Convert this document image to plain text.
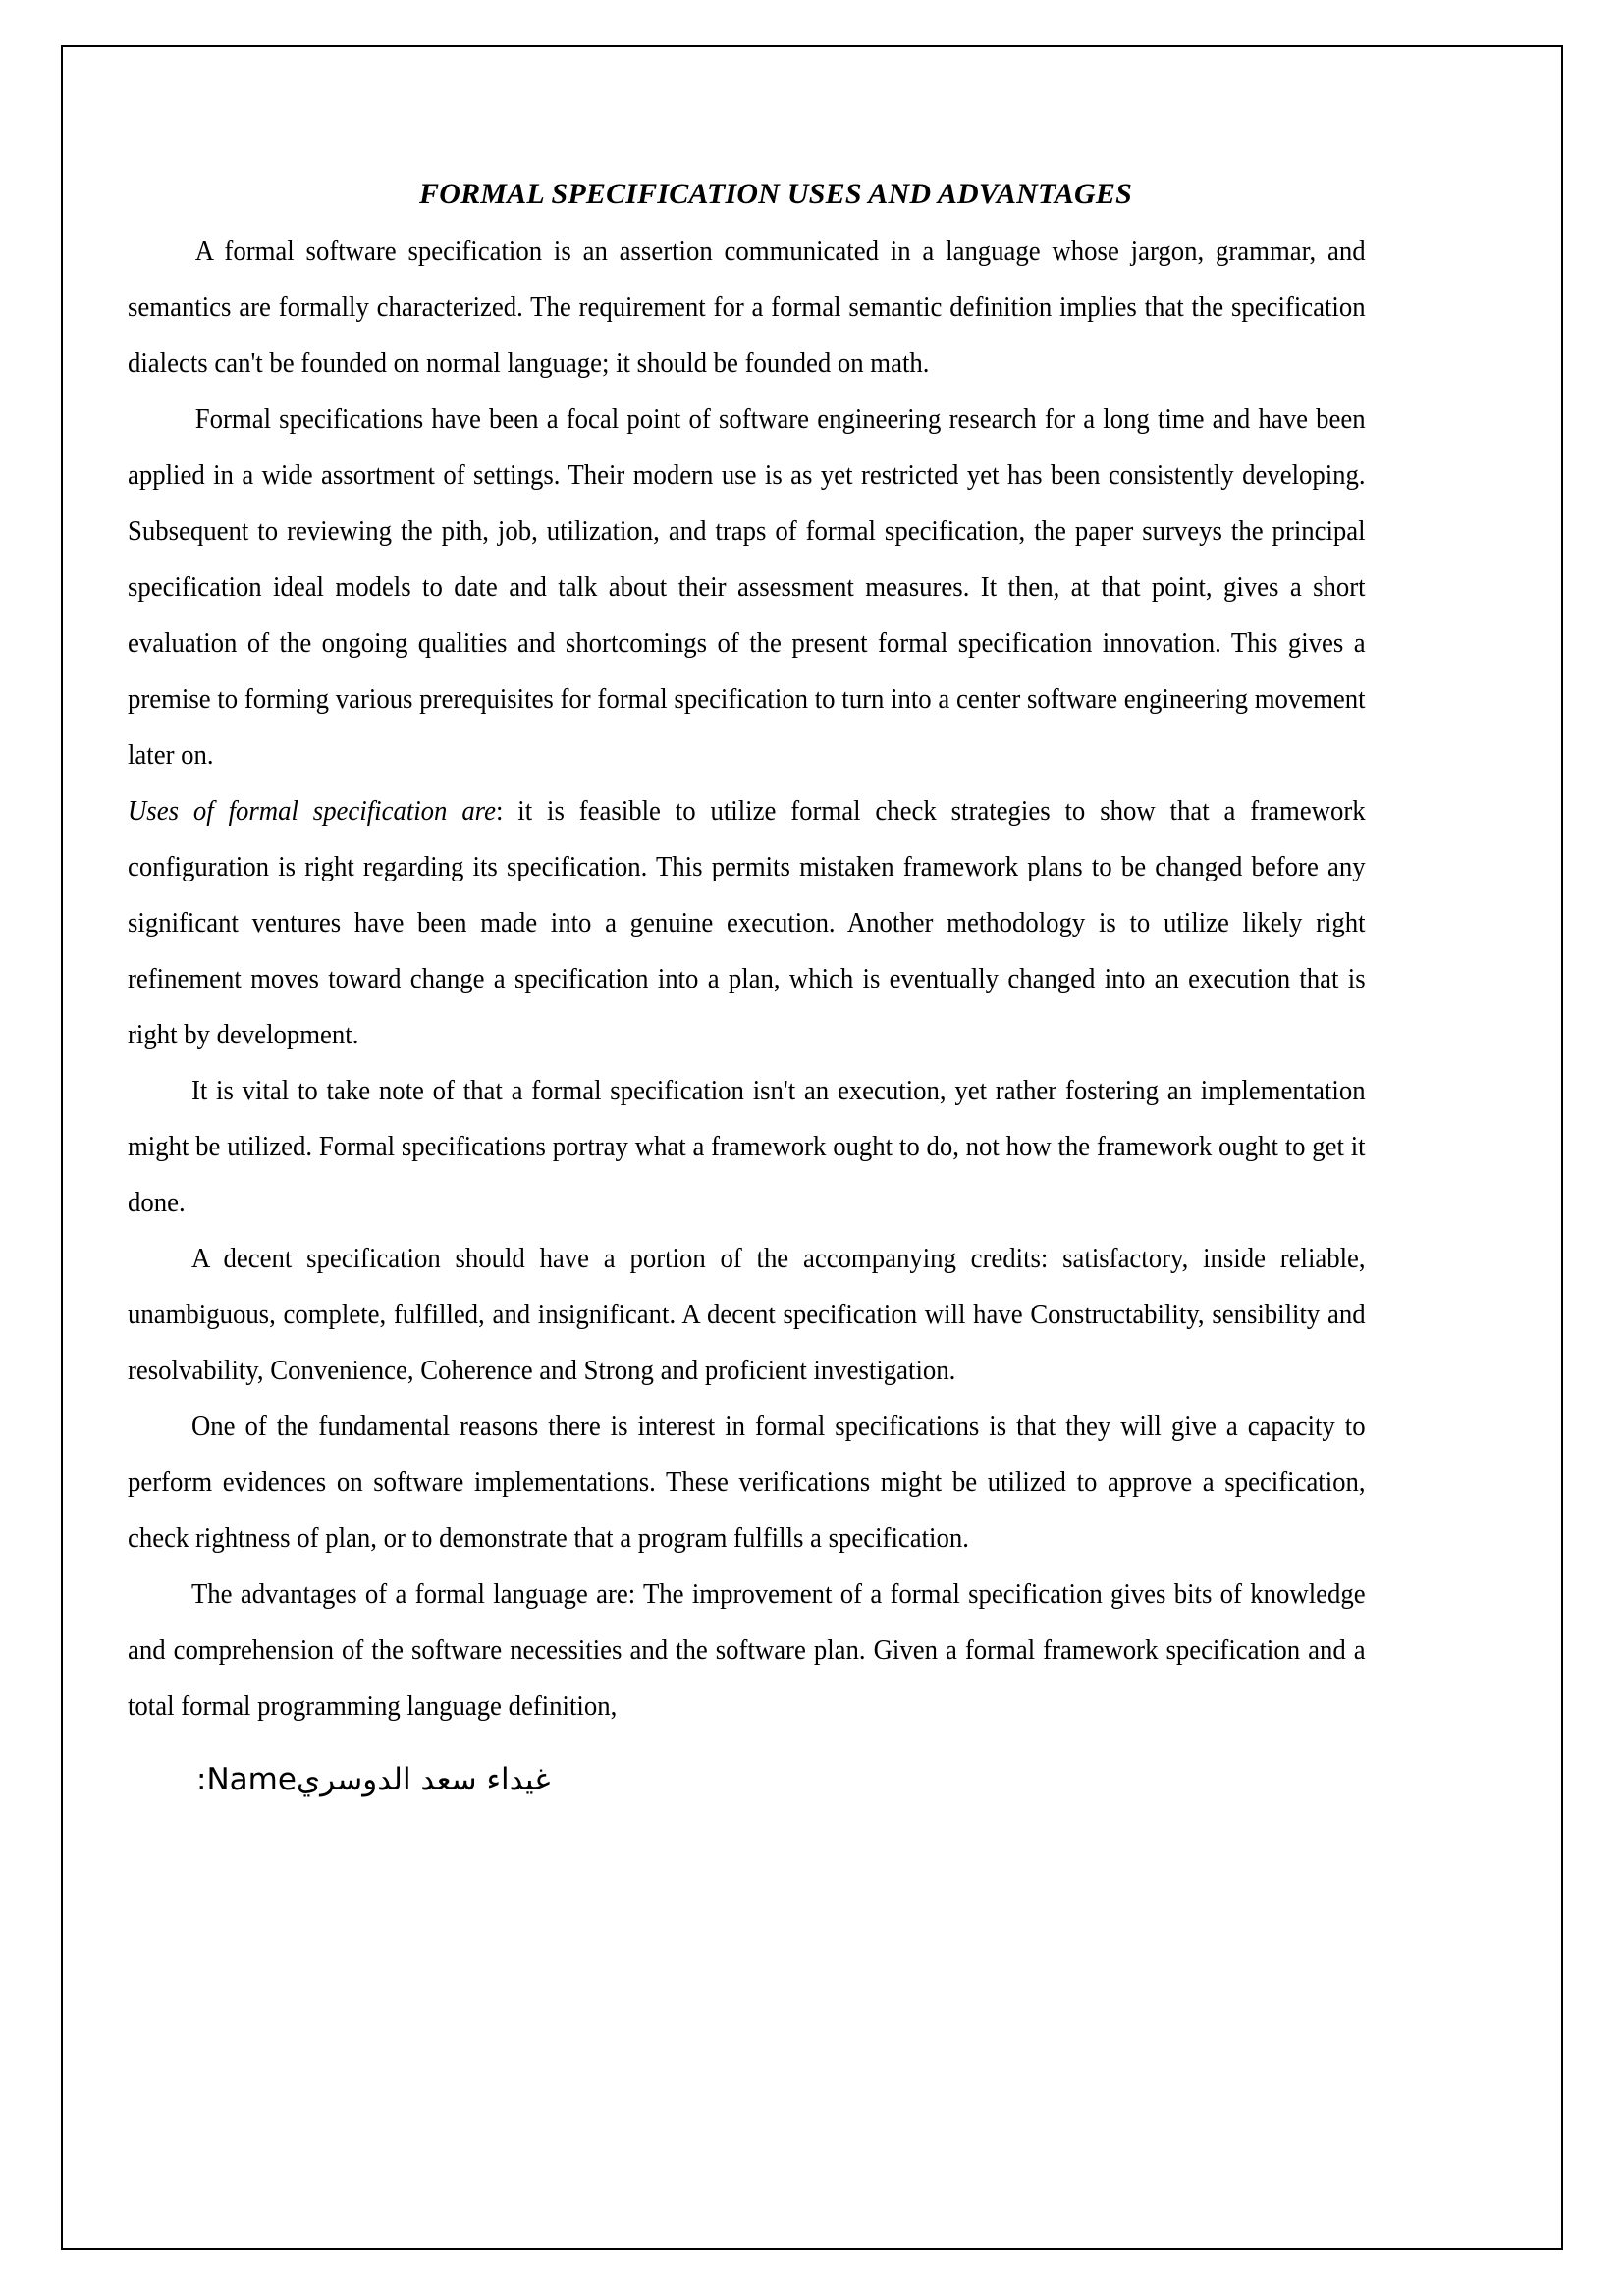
FORMAL SPECIFICATION USES AND ADVANTAGES

A formal software specification is an assertion communicated in a language whose jargon, grammar, and semantics are formally characterized. The requirement for a formal semantic definition implies that the specification dialects can't be founded on normal language; it should be founded on math.

Formal specifications have been a focal point of software engineering research for a long time and have been applied in a wide assortment of settings. Their modern use is as yet restricted yet has been consistently developing. Subsequent to reviewing the pith, job, utilization, and traps of formal specification, the paper surveys the principal specification ideal models to date and talk about their assessment measures. It then, at that point, gives a short evaluation of the ongoing qualities and shortcomings of the present formal specification innovation. This gives a premise to forming various prerequisites for formal specification to turn into a center software engineering movement later on.

Uses of formal specification are: it is feasible to utilize formal check strategies to show that a framework configuration is right regarding its specification. This permits mistaken framework plans to be changed before any significant ventures have been made into a genuine execution. Another methodology is to utilize likely right refinement moves toward change a specification into a plan, which is eventually changed into an execution that is right by development.

It is vital to take note of that a formal specification isn't an execution, yet rather fostering an implementation might be utilized. Formal specifications portray what a framework ought to do, not how the framework ought to get it done.

A decent specification should have a portion of the accompanying credits: satisfactory, inside reliable, unambiguous, complete, fulfilled, and insignificant. A decent specification will have Constructability, sensibility and resolvability, Convenience, Coherence and Strong and proficient investigation.

One of the fundamental reasons there is interest in formal specifications is that they will give a capacity to perform evidences on software implementations. These verifications might be utilized to approve a specification, check rightness of plan, or to demonstrate that a program fulfills a specification.

The advantages of a formal language are: The improvement of a formal specification gives bits of knowledge and comprehension of the software necessities and the software plan. Given a formal framework specification and a total formal programming language definition,

غيداء سعد الدوسريName:
